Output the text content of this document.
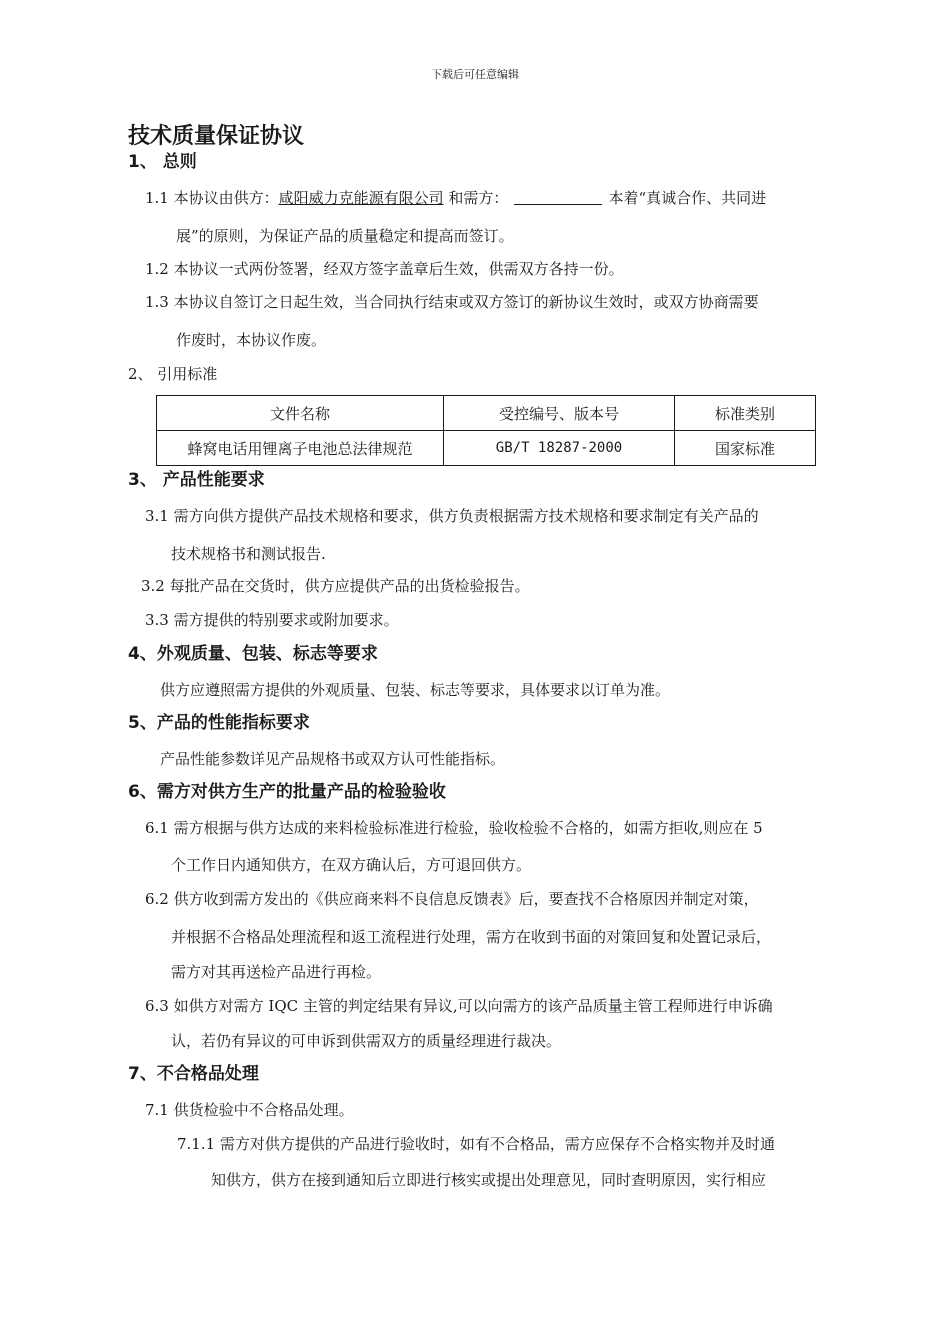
下载后可任意编辑
技术质量保证协议
1、 总则
1.1 本协议由供方：咸阳威力克能源有限公司 和需方：	本着“真诚合作、共同进
展”的原则，为保证产品的质量稳定和提高而签订。
1.2 本协议一式两份签署，经双方签字盖章后生效，供需双方各持一份。
1.3 本协议自签订之日起生效，当合同执行结束或双方签订的新协议生效时，或双方协商需要
作废时，本协议作废。
2、 引用标准
文件名称	受控编号、版本号	标准类别
蜂窝电话用锂离子电池总法律规范	GB/T 18287-2000	国家标准
3、 产品性能要求
3.1 需方向供方提供产品技术规格和要求，供方负责根据需方技术规格和要求制定有关产品的
技术规格书和测试报告.
3.2 每批产品在交货时，供方应提供产品的出货检验报告。
3.3 需方提供的特别要求或附加要求。
4、外观质量、包装、标志等要求
供方应遵照需方提供的外观质量、包装、标志等要求，具体要求以订单为准。
5、产品的性能指标要求
产品性能参数详见产品规格书或双方认可性能指标。
6、需方对供方生产的批量产品的检验验收
6.1 需方根据与供方达成的来料检验标准进行检验，验收检验不合格的，如需方拒收,则应在 5
个工作日内通知供方，在双方确认后，方可退回供方。
6.2 供方收到需方发出的《供应商来料不良信息反馈表》后，要查找不合格原因并制定对策，
并根据不合格品处理流程和返工流程进行处理，需方在收到书面的对策回复和处置记录后，
需方对其再送检产品进行再检。
6.3 如供方对需方 IQC 主管的判定结果有异议,可以向需方的该产品质量主管工程师进行申诉确
认，若仍有异议的可申诉到供需双方的质量经理进行裁决。
7、不合格品处理
7.1 供货检验中不合格品处理。
7.1.1 需方对供方提供的产品进行验收时，如有不合格品，需方应保存不合格实物并及时通
知供方，供方在接到通知后立即进行核实或提出处理意见，同时查明原因，实行相应
